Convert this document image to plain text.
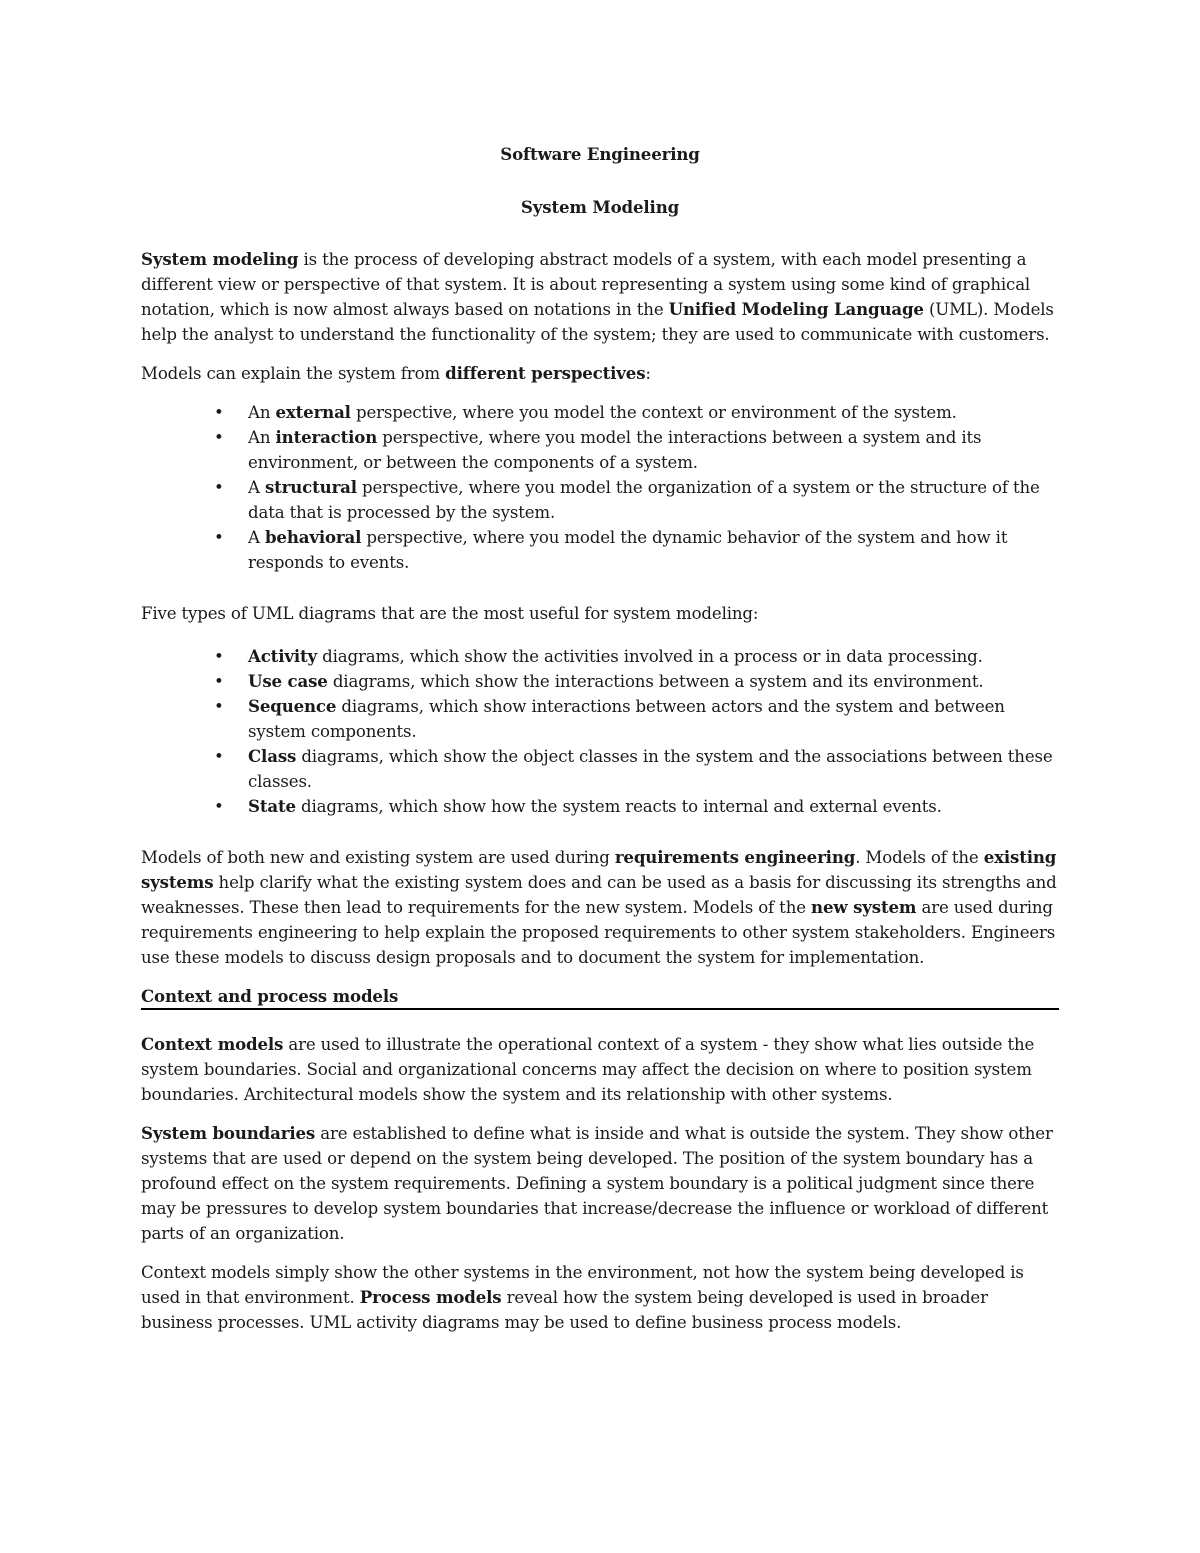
Software Engineering

System Modeling

System modeling is the process of developing abstract models of a system, with each model presenting a different view or perspective of that system. It is about representing a system using some kind of graphical notation, which is now almost always based on notations in the Unified Modeling Language (UML). Models help the analyst to understand the functionality of the system; they are used to communicate with customers.

Models can explain the system from different perspectives:

• An external perspective, where you model the context or environment of the system.
• An interaction perspective, where you model the interactions between a system and its environment, or between the components of a system.
• A structural perspective, where you model the organization of a system or the structure of the data that is processed by the system.
• A behavioral perspective, where you model the dynamic behavior of the system and how it responds to events.

Five types of UML diagrams that are the most useful for system modeling:

• Activity diagrams, which show the activities involved in a process or in data processing.
• Use case diagrams, which show the interactions between a system and its environment.
• Sequence diagrams, which show interactions between actors and the system and between system components.
• Class diagrams, which show the object classes in the system and the associations between these classes.
• State diagrams, which show how the system reacts to internal and external events.

Models of both new and existing system are used during requirements engineering. Models of the existing systems help clarify what the existing system does and can be used as a basis for discussing its strengths and weaknesses. These then lead to requirements for the new system. Models of the new system are used during requirements engineering to help explain the proposed requirements to other system stakeholders. Engineers use these models to discuss design proposals and to document the system for implementation.

Context and process models

Context models are used to illustrate the operational context of a system - they show what lies outside the system boundaries. Social and organizational concerns may affect the decision on where to position system boundaries. Architectural models show the system and its relationship with other systems.

System boundaries are established to define what is inside and what is outside the system. They show other systems that are used or depend on the system being developed. The position of the system boundary has a profound effect on the system requirements. Defining a system boundary is a political judgment since there may be pressures to develop system boundaries that increase/decrease the influence or workload of different parts of an organization.

Context models simply show the other systems in the environment, not how the system being developed is used in that environment. Process models reveal how the system being developed is used in broader business processes. UML activity diagrams may be used to define business process models.
